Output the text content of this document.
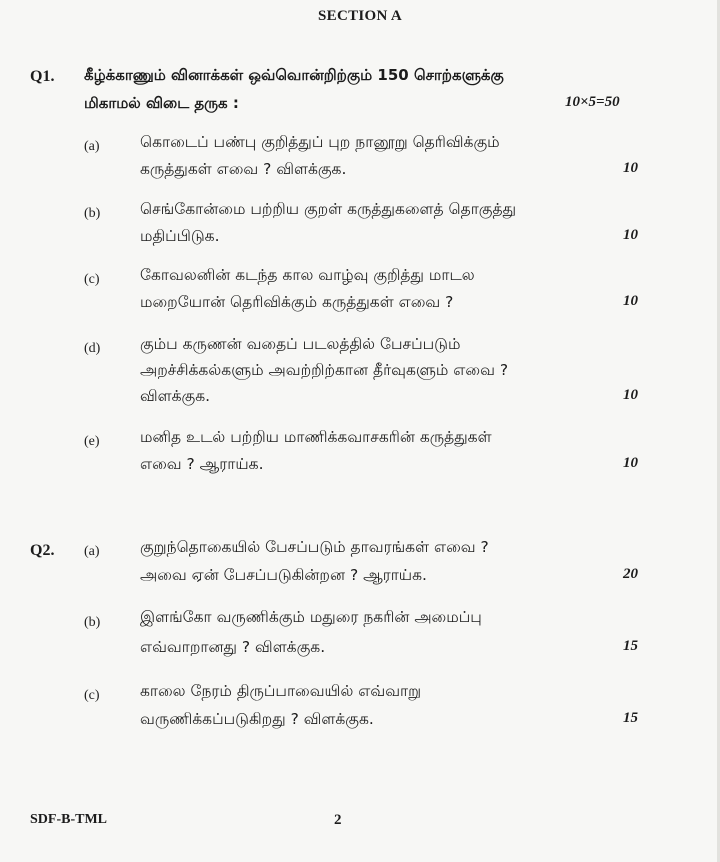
SECTION A
Q1. கீழ்க்காணும் வினாக்கள் ஒவ்வொன்றிற்கும் 150 சொற்களுக்கு
மிகாமல் விடை தருக :	10×5=50
(a)	கொடைப் பண்பு குறித்துப் புற நானூறு தெரிவிக்கும்
கருத்துகள் எவை ? விளக்குக.	10
(b)	செங்கோன்மை பற்றிய குறள் கருத்துகளைத் தொகுத்து
மதிப்பிடுக.	10
(c)	கோவலனின் கடந்த கால வாழ்வு குறித்து மாடல
மறையோன் தெரிவிக்கும் கருத்துகள் எவை ?	10
(d)	கும்ப கருணன் வதைப் படலத்தில் பேசப்படும்
அறச்சிக்கல்களும் அவற்றிற்கான தீர்வுகளும் எவை ?
விளக்குக.	10
(e)	மனித உடல் பற்றிய மாணிக்கவாசகரின் கருத்துகள்
எவை ? ஆராய்க.	10
Q2. (a)	குறுந்தொகையில் பேசப்படும் தாவரங்கள் எவை ?
அவை ஏன் பேசப்படுகின்றன ? ஆராய்க.	20
(b)	இளங்கோ வருணிக்கும் மதுரை நகரின் அமைப்பு
எவ்வாறானது ? விளக்குக.	15
(c)	காலை நேரம் திருப்பாவையில் எவ்வாறு
வருணிக்கப்படுகிறது ? விளக்குக.	15
SDF-B-TML	2
